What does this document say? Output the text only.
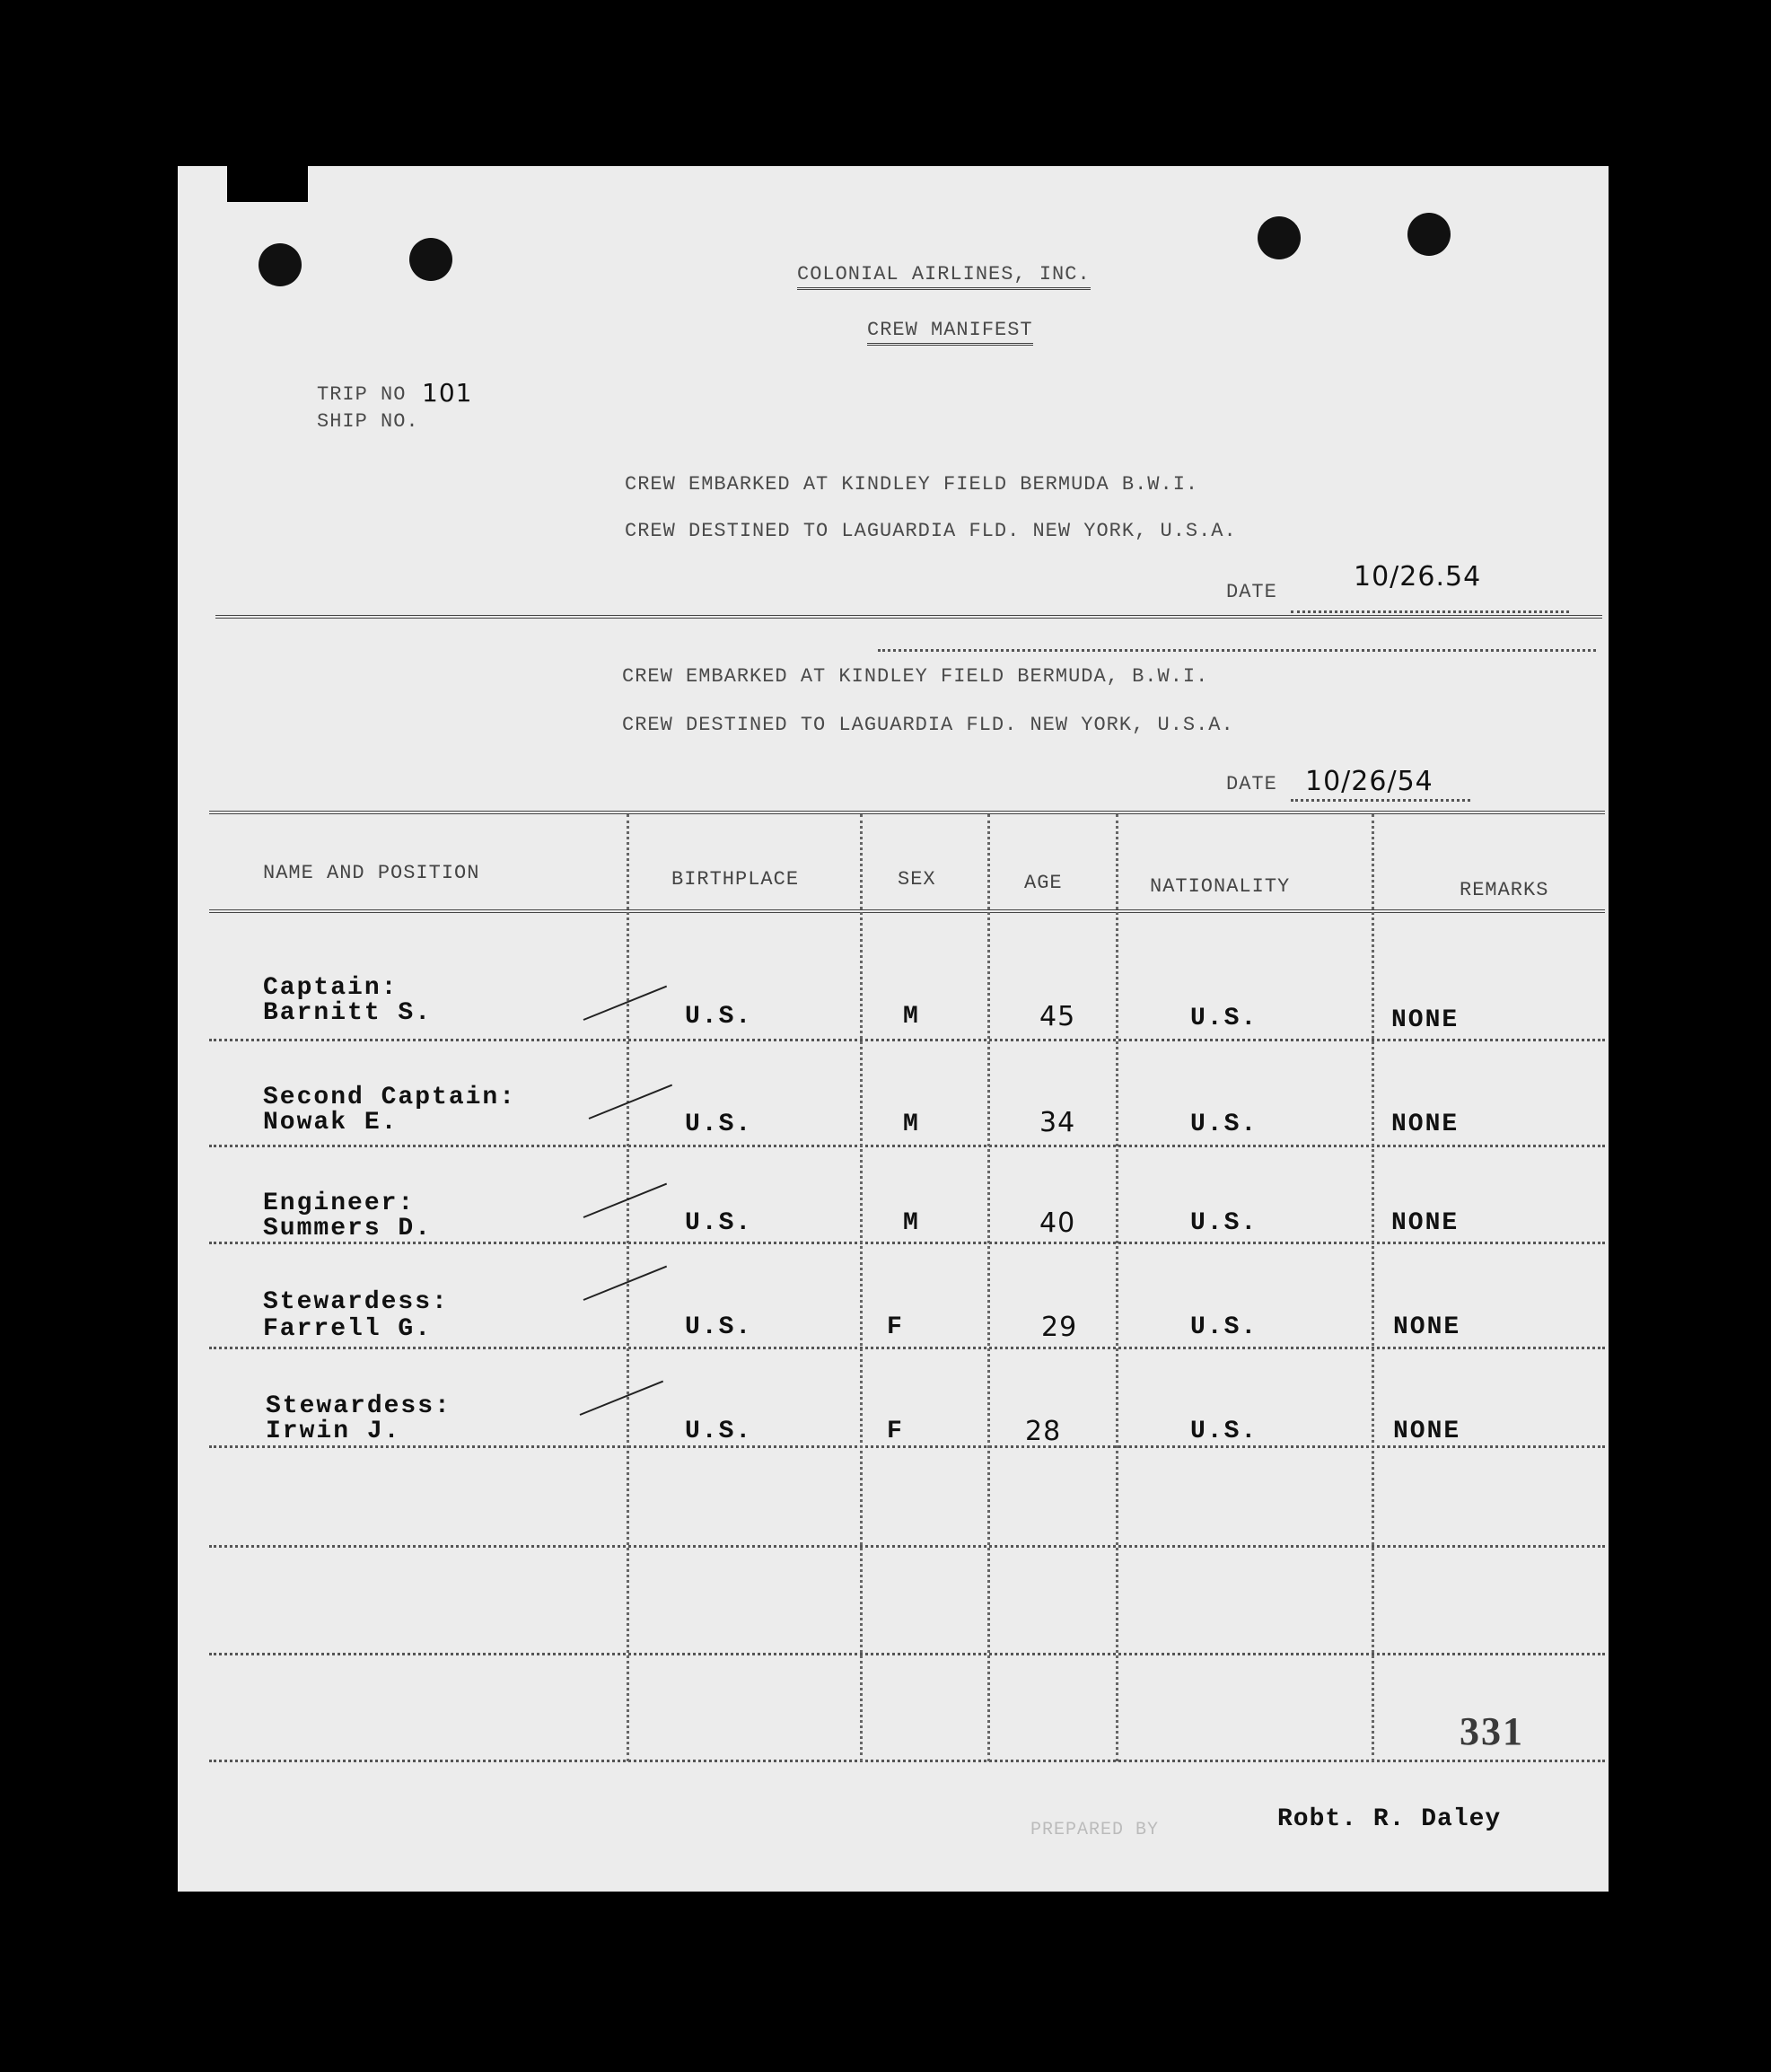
COLONIAL AIRLINES, INC.
CREW MANIFEST
TRIP NO 101
SHIP NO.
CREW EMBARKED AT KINDLEY FIELD BERMUDA B.W.I.
CREW DESTINED TO LAGUARDIA FLD. NEW YORK, U.S.A.
DATE	10/26.54
CREW EMBARKED AT KINDLEY FIELD BERMUDA, B.W.I.
CREW DESTINED TO LAGUARDIA FLD. NEW YORK, U.S.A.
DATE 10/26/54
NAME AND POSITION	BIRTHPLACE	SEX	AGE	NATIONALITY	REMARKS
Captain:
Barnitt S.	U.S.	M	45	U.S.	NONE
Second Captain:
Nowak E.	U.S.	M	34	U.S.	NONE
Engineer:
Summers D.	U.S.	M	40	U.S.	NONE
Stewardess:
Farrell G.	U.S.	F	29	U.S.	NONE
Stewardess:
Irwin J.	U.S.	F	28	U.S.	NONE
331
PREPARED BY	Robt. R. Daley
